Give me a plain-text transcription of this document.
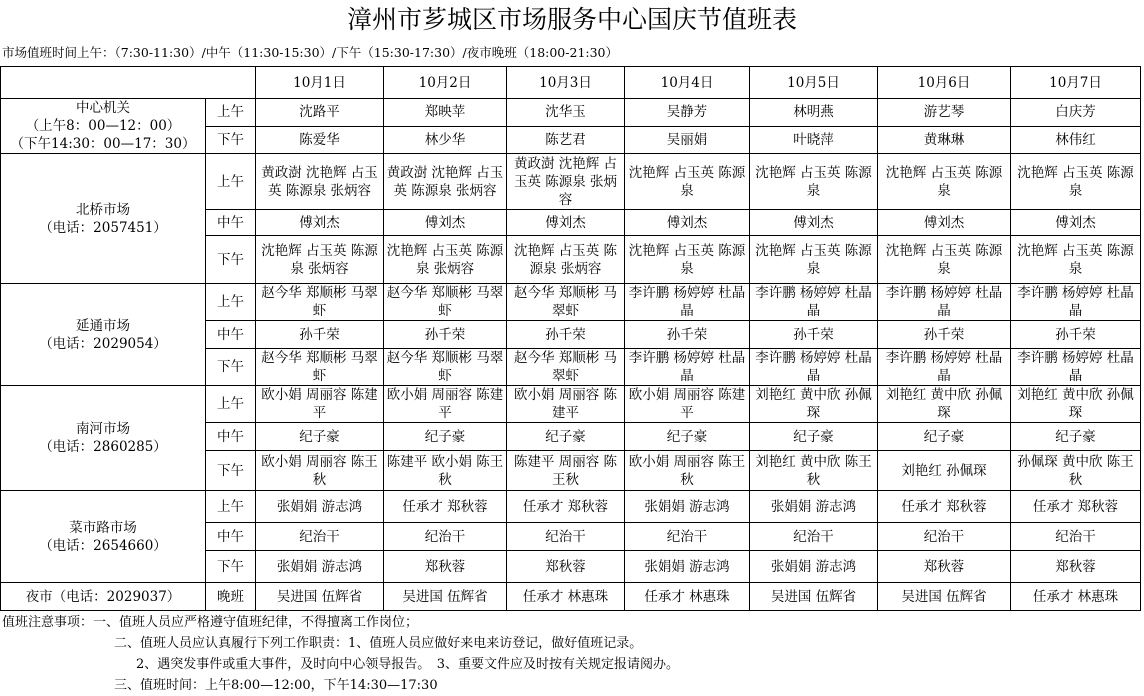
漳州市芗城区市场服务中心国庆节值班表
市场值班时间上午：（7:30-11:30）/中午（11:30-15:30）/下午（15:30-17:30）/夜市晚班（18:00-21:30）
		10月1日	10月2日	10月3日	10月4日	10月5日	10月6日	10月7日

中心机关
（上午8：00—12：00）
（下午14:30：00—17：30）	上午	沈路平	郑映苹	沈华玉	吴静芳	林明燕	游艺琴	白庆芳
	下午	陈爱华	林少华	陈艺君	吴丽娟	叶晓萍	黄琳琳	林伟红

北桥市场
（电话：2057451）	上午	黄政澍 沈艳辉 占玉英 陈源泉 张炳容	黄政澍 沈艳辉 占玉英 陈源泉 张炳容	黄政澍 沈艳辉 占玉英 陈源泉 张炳容	沈艳辉 占玉英 陈源泉	沈艳辉 占玉英 陈源泉	沈艳辉 占玉英 陈源泉	沈艳辉 占玉英 陈源泉
	中午	傅刘杰	傅刘杰	傅刘杰	傅刘杰	傅刘杰	傅刘杰	傅刘杰
	下午	沈艳辉 占玉英 陈源泉 张炳容	沈艳辉 占玉英 陈源泉 张炳容	沈艳辉 占玉英 陈源泉 张炳容	沈艳辉 占玉英 陈源泉	沈艳辉 占玉英 陈源泉	沈艳辉 占玉英 陈源泉	沈艳辉 占玉英 陈源泉

延通市场
（电话：2029054）	上午	赵今华 郑顺彬 马翠虾	赵今华 郑顺彬 马翠虾	赵今华 郑顺彬 马翠虾	李许鹏 杨婷婷 杜晶晶	李许鹏 杨婷婷 杜晶晶	李许鹏 杨婷婷 杜晶晶	李许鹏 杨婷婷 杜晶晶
	中午	孙千荣	孙千荣	孙千荣	孙千荣	孙千荣	孙千荣	孙千荣
	下午	赵今华 郑顺彬 马翠虾	赵今华 郑顺彬 马翠虾	赵今华 郑顺彬 马翠虾	李许鹏 杨婷婷 杜晶晶	李许鹏 杨婷婷 杜晶晶	李许鹏 杨婷婷 杜晶晶	李许鹏 杨婷婷 杜晶晶

南河市场
（电话：2860285）	上午	欧小娟 周丽容 陈建平	欧小娟 周丽容 陈建平	欧小娟 周丽容 陈建平	欧小娟 周丽容 陈建平	刘艳红 黄中欣 孙佩琛	刘艳红 黄中欣 孙佩琛	刘艳红 黄中欣 孙佩琛
	中午	纪子豪	纪子豪	纪子豪	纪子豪	纪子豪	纪子豪	纪子豪
	下午	欧小娟 周丽容 陈王秋	陈建平 欧小娟 陈王秋	陈建平 周丽容 陈王秋	欧小娟 周丽容 陈王秋	刘艳红 黄中欣 陈王秋	刘艳红 孙佩琛	孙佩琛 黄中欣 陈王秋

菜市路市场
（电话：2654660）	上午	张娟娟 游志鸿	任承才 郑秋蓉	任承才 郑秋蓉	张娟娟 游志鸿	张娟娟 游志鸿	任承才 郑秋蓉	任承才 郑秋蓉
	中午	纪治干	纪治干	纪治干	纪治干	纪治干	纪治干	纪治干
	下午	张娟娟 游志鸿	郑秋蓉	郑秋蓉	张娟娟 游志鸿	张娟娟 游志鸿	郑秋蓉	郑秋蓉

夜市（电话：2029037）	晚班	吴进国 伍辉省	吴进国 伍辉省	任承才 林惠珠	任承才 林惠珠	吴进国 伍辉省	吴进国 伍辉省	任承才 林惠珠
值班注意事项：一、值班人员应严格遵守值班纪律，不得擅离工作岗位；
二、值班人员应认真履行下列工作职责：1、值班人员应做好来电来访登记，做好值班记录。
2、遇突发事件或重大事件，及时向中心领导报告。　3、重要文件应及时按有关规定报请阅办。
三、值班时间：上午8:00—12:00，下午14:30—17:30
